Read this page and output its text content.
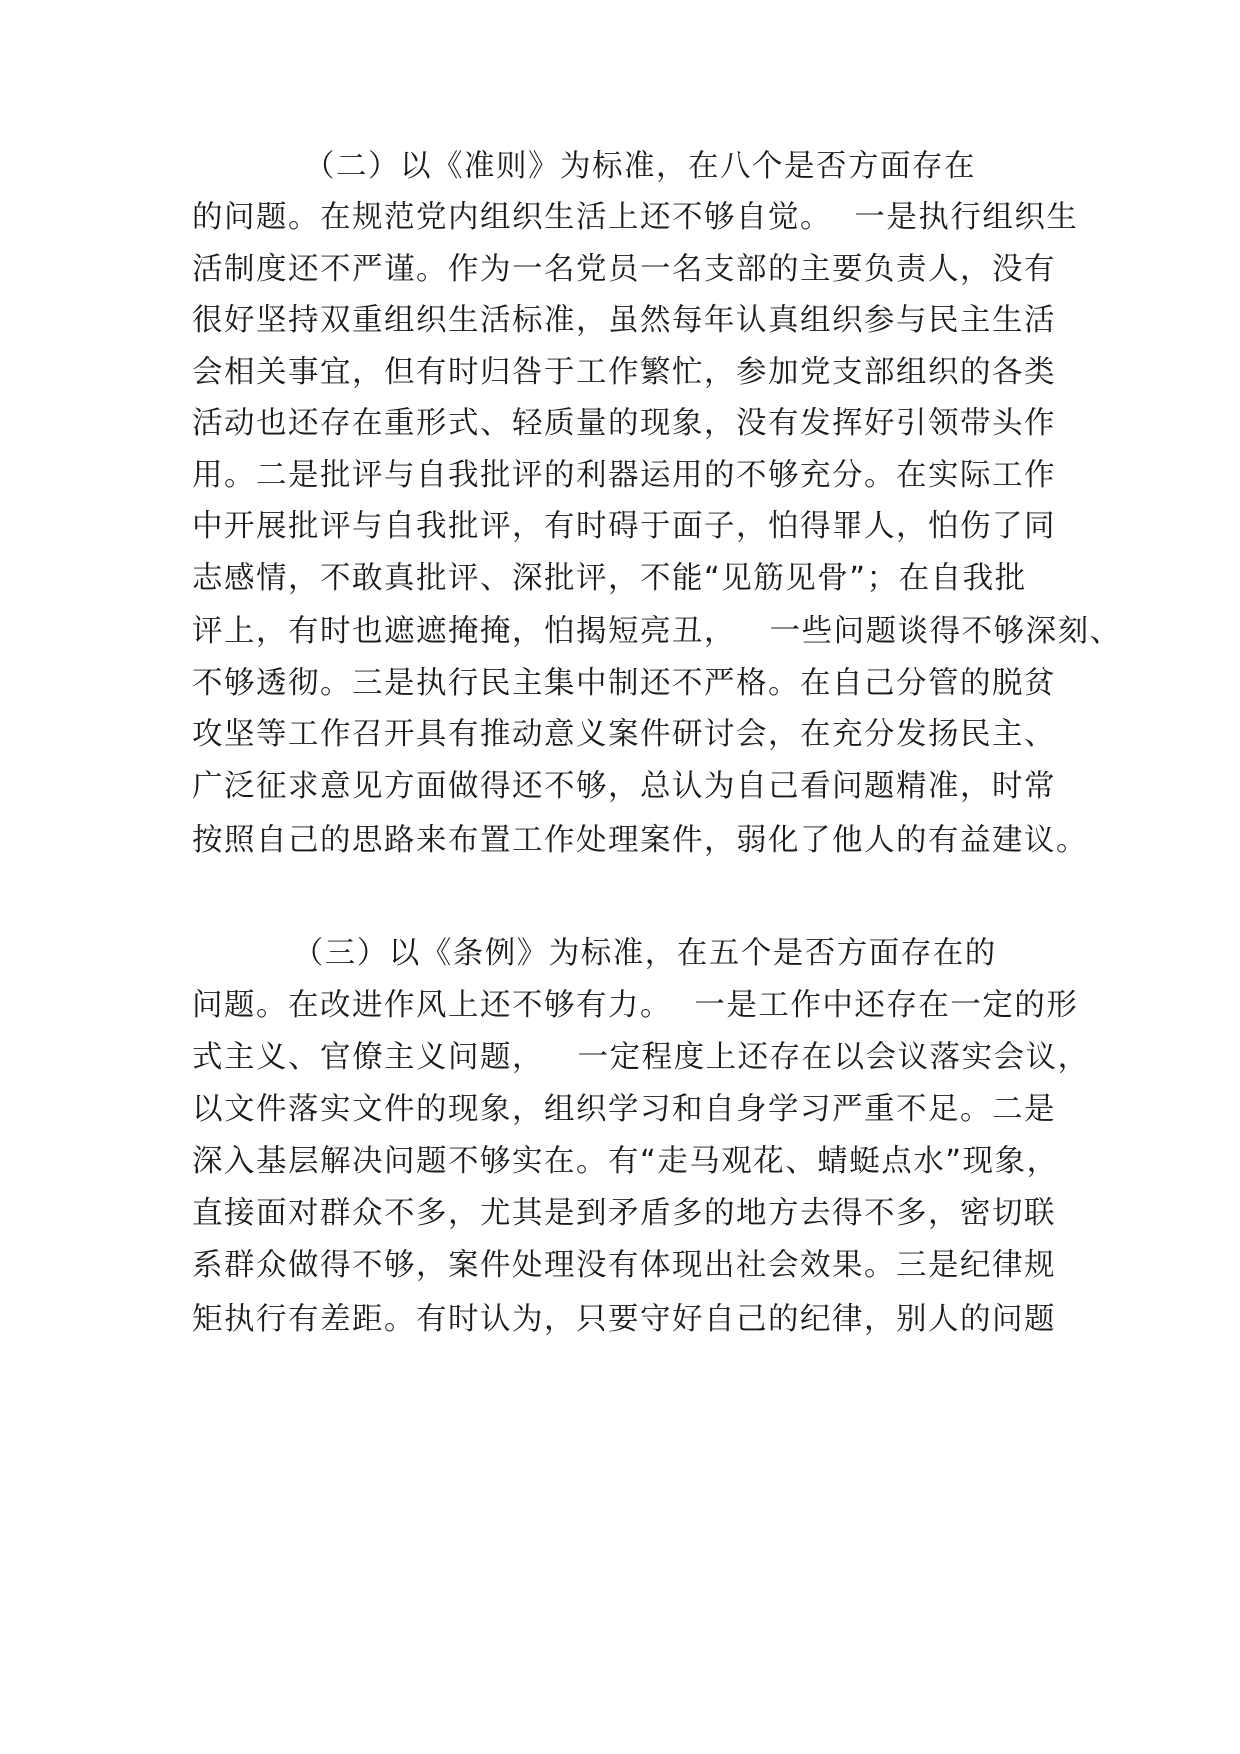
（二）以《准则》为标准，在八个是否方面存在
的问题。在规范党内组织生活上还不够自觉。  一是执行组织生
活制度还不严谨。作为一名党员一名支部的主要负责人，没有
很好坚持双重组织生活标准，虽然每年认真组织参与民主生活
会相关事宜，但有时归咎于工作繁忙，参加党支部组织的各类
活动也还存在重形式、轻质量的现象，没有发挥好引领带头作
用。二是批评与自我批评的利器运用的不够充分。在实际工作
中开展批评与自我批评，有时碍于面子，怕得罪人，怕伤了同
志感情，不敢真批评、深批评，不能“见筋见骨”；在自我批
评上，有时也遮遮掩掩，怕揭短亮丑，   一些问题谈得不够深刻、
不够透彻。三是执行民主集中制还不严格。在自己分管的脱贫
攻坚等工作召开具有推动意义案件研讨会，在充分发扬民主、
广泛征求意见方面做得还不够，总认为自己看问题精准，时常
按照自己的思路来布置工作处理案件，弱化了他人的有益建议。
（三）以《条例》为标准，在五个是否方面存在的
问题。在改进作风上还不够有力。  一是工作中还存在一定的形
式主义、官僚主义问题，   一定程度上还存在以会议落实会议，
以文件落实文件的现象，组织学习和自身学习严重不足。二是
深入基层解决问题不够实在。有“走马观花、蜻蜓点水”现象，
直接面对群众不多，尤其是到矛盾多的地方去得不多，密切联
系群众做得不够，案件处理没有体现出社会效果。三是纪律规
矩执行有差距。有时认为，只要守好自己的纪律，别人的问题
